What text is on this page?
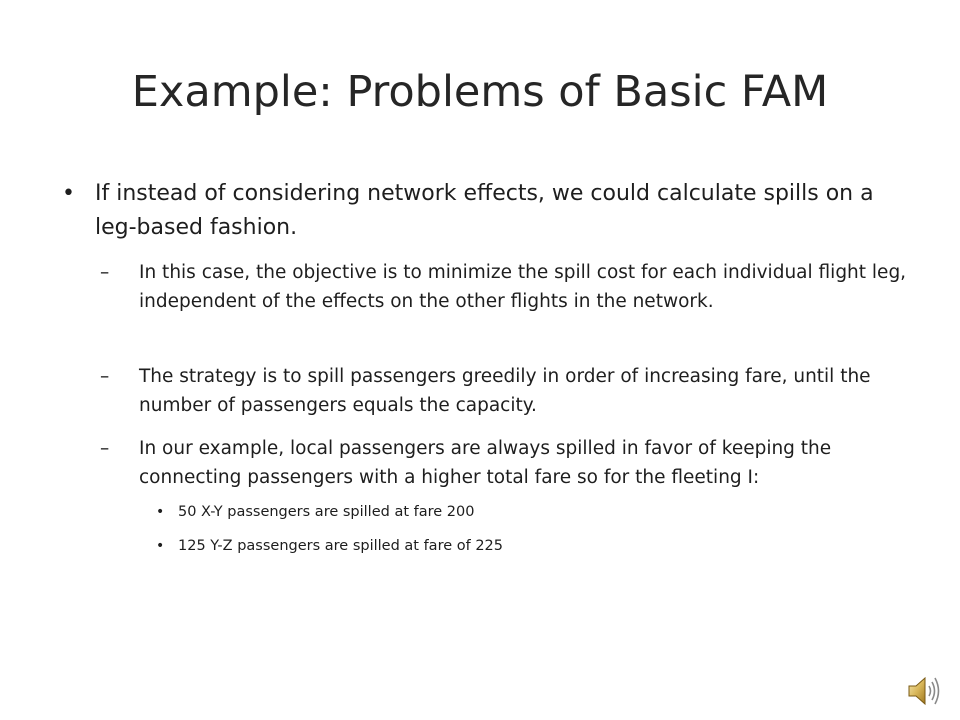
Example: Problems of Basic FAM
• If instead of considering network effects, we could calculate spills on a leg-based fashion.
– In this case, the objective is to minimize the spill cost for each individual flight leg, independent of the effects on the other flights in the network.
– The strategy is to spill passengers greedily in order of increasing fare, until the number of passengers equals the capacity.
– In our example, local passengers are always spilled in favor of keeping the connecting passengers with a higher total fare so for the fleeting I:
• 50 X-Y passengers are spilled at fare 200
• 125 Y-Z passengers are spilled at fare of 225
